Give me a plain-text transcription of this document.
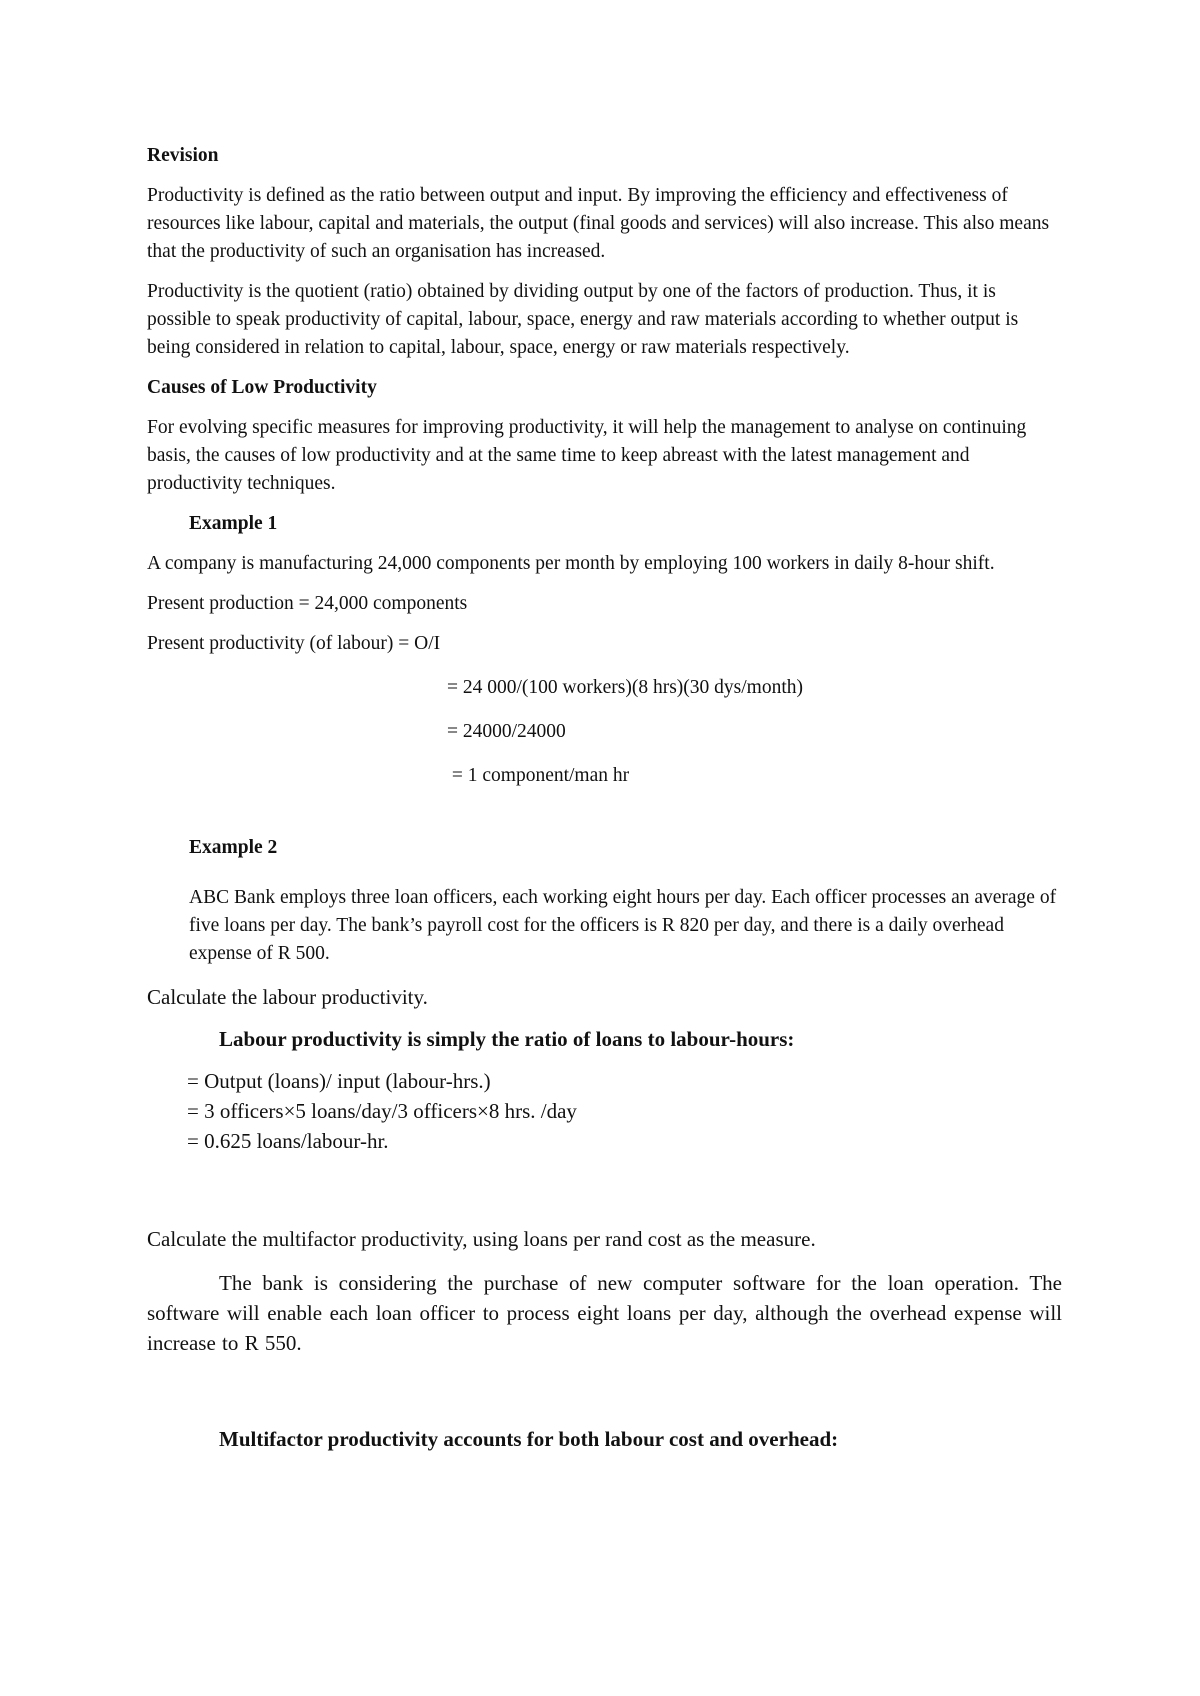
Revision

Productivity is defined as the ratio between output and input. By improving the efficiency and effectiveness of resources like labour, capital and materials, the output (final goods and services) will also increase. This also means that the productivity of such an organisation has increased.

Productivity is the quotient (ratio) obtained by dividing output by one of the factors of production. Thus, it is possible to speak productivity of capital, labour, space, energy and raw materials according to whether output is being considered in relation to capital, labour, space, energy or raw materials respectively.

Causes of Low Productivity

For evolving specific measures for improving productivity, it will help the management to analyse on continuing basis, the causes of low productivity and at the same time to keep abreast with the latest management and productivity techniques.

Example 1

A company is manufacturing 24,000 components per month by employing 100 workers in daily 8-hour shift.

Present production = 24,000 components

Present productivity (of labour) = O/I

= 24 000/(100 workers)(8 hrs)(30 dys/month)

= 24000/24000

= 1 component/man hr

Example 2

ABC Bank employs three loan officers, each working eight hours per day. Each officer processes an average of five loans per day. The bank’s payroll cost for the officers is R 820 per day, and there is a daily overhead expense of R 500.

Calculate the labour productivity.

Labour productivity is simply the ratio of loans to labour-hours:

= Output (loans)/ input (labour-hrs.)

= 3 officers×5 loans/day/3 officers×8 hrs. /day

= 0.625 loans/labour-hr.

Calculate the multifactor productivity, using loans per rand cost as the measure.

The bank is considering the purchase of new computer software for the loan operation. The software will enable each loan officer to process eight loans per day, although the overhead expense will increase to R 550.

Multifactor productivity accounts for both labour cost and overhead:
